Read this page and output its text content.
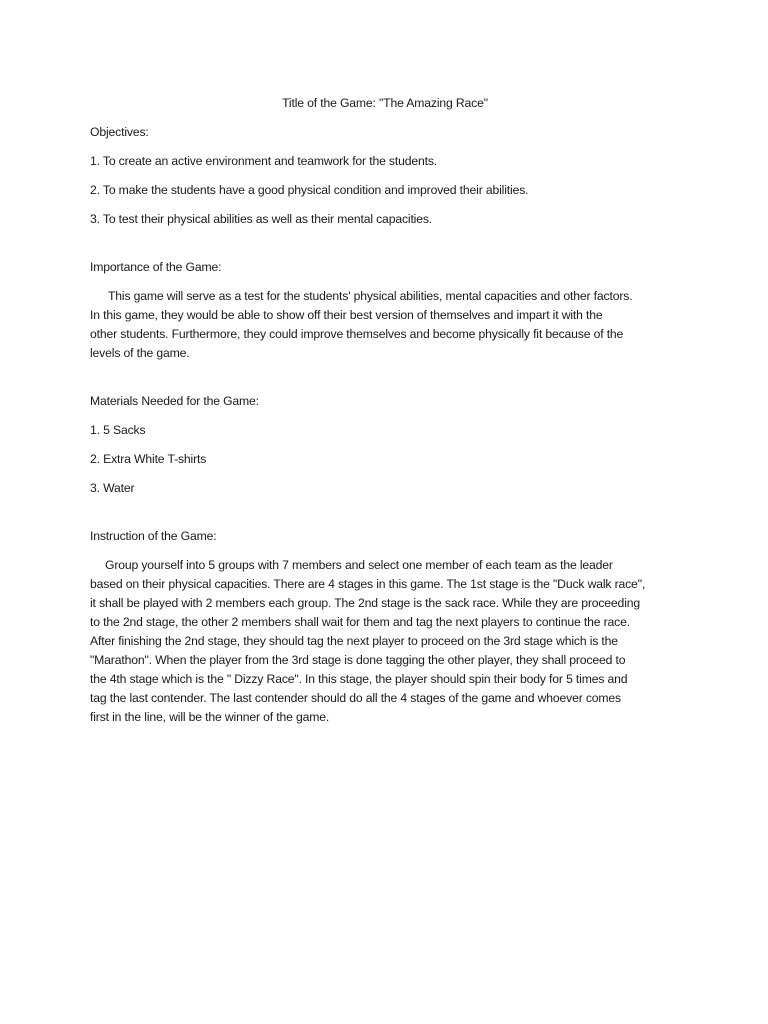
Title of the Game: "The Amazing Race"
Objectives:
1. To create an active environment and teamwork for the students.
2. To make the students have a good physical condition and improved their abilities.
3. To test their physical abilities as well as their mental capacities.
Importance of the Game:
This game will serve as a test for the students' physical abilities, mental capacities and other factors.
In this game, they would be able to show off their best version of themselves and impart it with the
other students. Furthermore, they could improve themselves and become physically fit because of the
levels of the game.
Materials Needed for the Game:
1. 5 Sacks
2. Extra White T-shirts
3. Water
Instruction of the Game:
Group yourself into 5 groups with 7 members and select one member of each team as the leader
based on their physical capacities. There are 4 stages in this game. The 1st stage is the "Duck walk race",
it shall be played with 2 members each group. The 2nd stage is the sack race. While they are proceeding
to the 2nd stage, the other 2 members shall wait for them and tag the next players to continue the race.
After finishing the 2nd stage, they should tag the next player to proceed on the 3rd stage which is the
"Marathon". When the player from the 3rd stage is done tagging the other player, they shall proceed to
the 4th stage which is the " Dizzy Race". In this stage, the player should spin their body for 5 times and
tag the last contender. The last contender should do all the 4 stages of the game and whoever comes
first in the line, will be the winner of the game.
